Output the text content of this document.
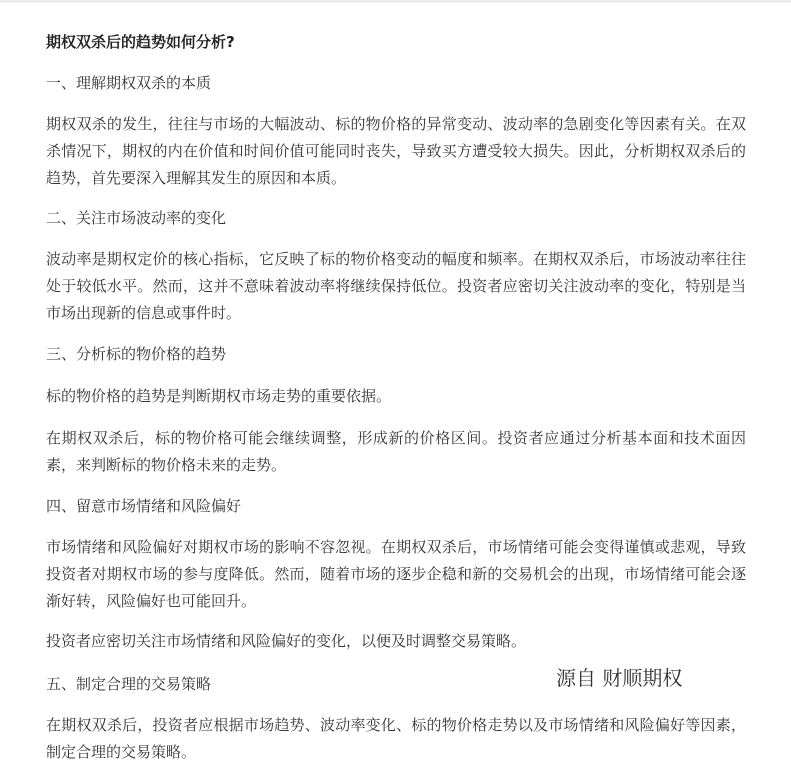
期权双杀后的趋势如何分析?
一、理解期权双杀的本质
期权双杀的发生，往往与市场的大幅波动、标的物价格的异常变动、波动率的急剧变化等因素有关。在双杀情况下，期权的内在价值和时间价值可能同时丧失，导致买方遭受较大损失。因此，分析期权双杀后的趋势，首先要深入理解其发生的原因和本质。
二、关注市场波动率的变化
波动率是期权定价的核心指标，它反映了标的物价格变动的幅度和频率。在期权双杀后，市场波动率往往处于较低水平。然而，这并不意味着波动率将继续保持低位。投资者应密切关注波动率的变化，特别是当市场出现新的信息或事件时。
三、分析标的物价格的趋势
标的物价格的趋势是判断期权市场走势的重要依据。
在期权双杀后，标的物价格可能会继续调整，形成新的价格区间。投资者应通过分析基本面和技术面因素，来判断标的物价格未来的走势。
四、留意市场情绪和风险偏好
市场情绪和风险偏好对期权市场的影响不容忽视。在期权双杀后，市场情绪可能会变得谨慎或悲观，导致投资者对期权市场的参与度降低。然而，随着市场的逐步企稳和新的交易机会的出现，市场情绪可能会逐渐好转，风险偏好也可能回升。
投资者应密切关注市场情绪和风险偏好的变化，以便及时调整交易策略。
五、制定合理的交易策略
在期权双杀后，投资者应根据市场趋势、波动率变化、标的物价格走势以及市场情绪和风险偏好等因素，制定合理的交易策略。
源自 财顺期权
